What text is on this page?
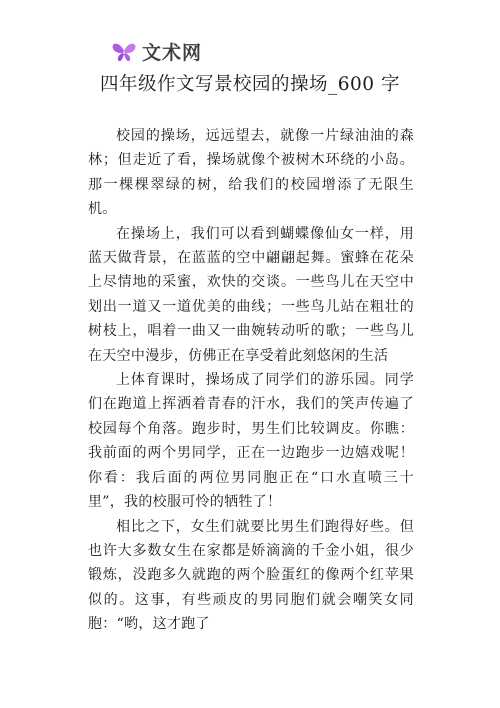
文术网
四年级作文写景校园的操场_600 字

校园的操场，远远望去，就像一片绿油油的森林；但走近了看，操场就像个被树木环绕的小岛。那一棵棵翠绿的树，给我们的校园增添了无限生机。

在操场上，我们可以看到蝴蝶像仙女一样，用蓝天做背景，在蓝蓝的空中翩翩起舞。蜜蜂在花朵上尽情地的采蜜，欢快的交谈。一些鸟儿在天空中划出一道又一道优美的曲线；一些鸟儿站在粗壮的树枝上，唱着一曲又一曲婉转动听的歌；一些鸟儿在天空中漫步，仿佛正在享受着此刻悠闲的生活

上体育课时，操场成了同学们的游乐园。同学们在跑道上挥洒着青春的汗水，我们的笑声传遍了校园每个角落。跑步时，男生们比较调皮。你瞧：我前面的两个男同学，正在一边跑步一边嬉戏呢！你看：我后面的两位男同胞正在“口水直喷三十里”，我的校服可怜的牺牲了！

相比之下，女生们就要比男生们跑得好些。但也许大多数女生在家都是娇滴滴的千金小姐，很少锻炼，没跑多久就跑的两个脸蛋红的像两个红苹果似的。这事，有些顽皮的男同胞们就会嘲笑女同胞：“哟，这才跑了
